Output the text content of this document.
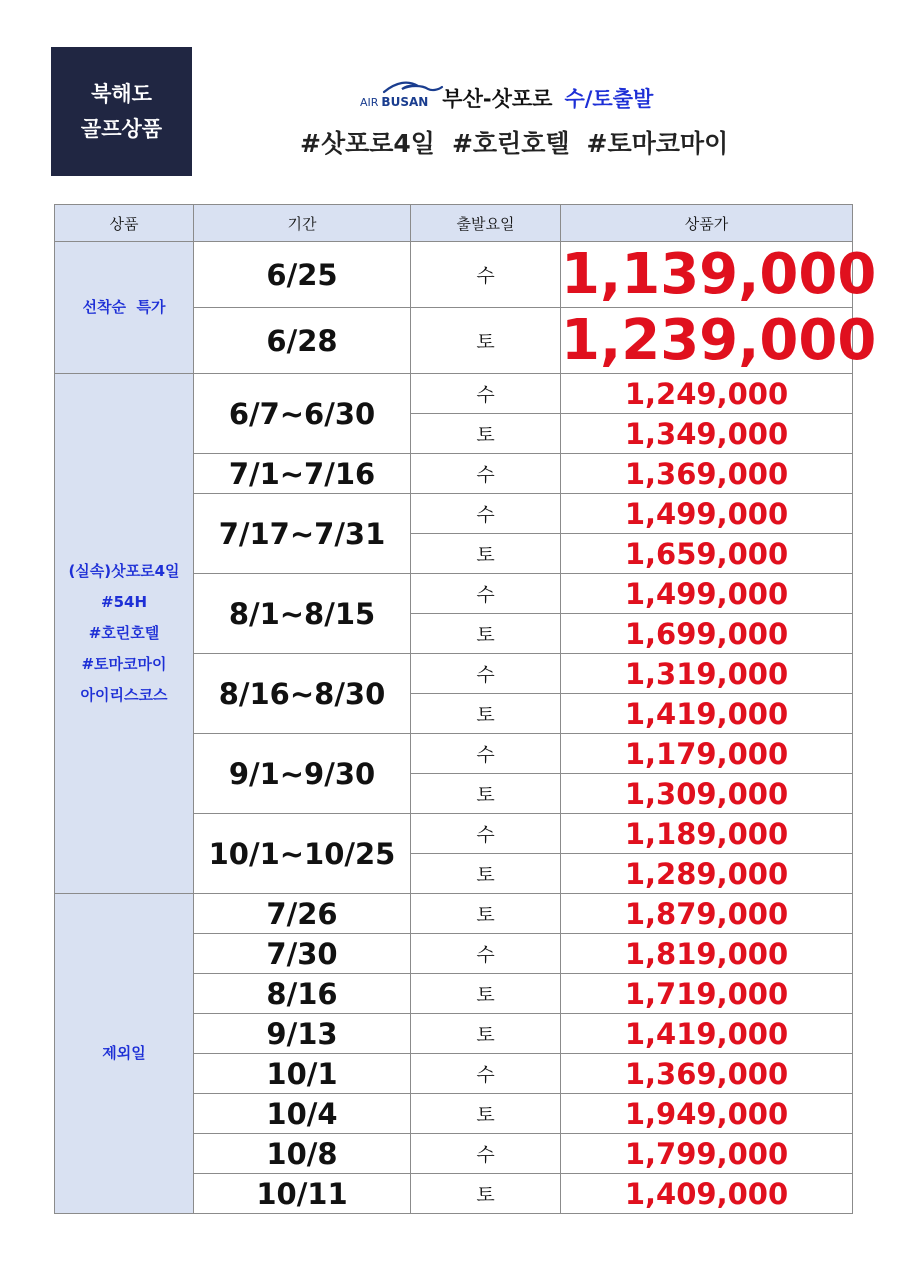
북해도
골프상품
AIR BUSAN 부산-삿포로 수/토출발
#삿포로4일 #호린호텔 #토마코마이
상품	기간	출발요일	상품가
선착순  특가	6/25	수	1,139,000
	6/28	토	1,239,000

(실속)삿포로4일
#54H
#호린호텔
#토마코마이
아이리스코스	6/7~6/30	수	1,249,000
		토	1,349,000
	7/1~7/16	수	1,369,000
	7/17~7/31	수	1,499,000
		토	1,659,000
	8/1~8/15	수	1,499,000
		토	1,699,000
	8/16~8/30	수	1,319,000
		토	1,419,000
	9/1~9/30	수	1,179,000
		토	1,309,000
	10/1~10/25	수	1,189,000
		토	1,289,000
제외일	7/26	토	1,879,000
	7/30	수	1,819,000
	8/16	토	1,719,000
	9/13	토	1,419,000
	10/1	수	1,369,000
	10/4	토	1,949,000
	10/8	수	1,799,000
	10/11	토	1,409,000
